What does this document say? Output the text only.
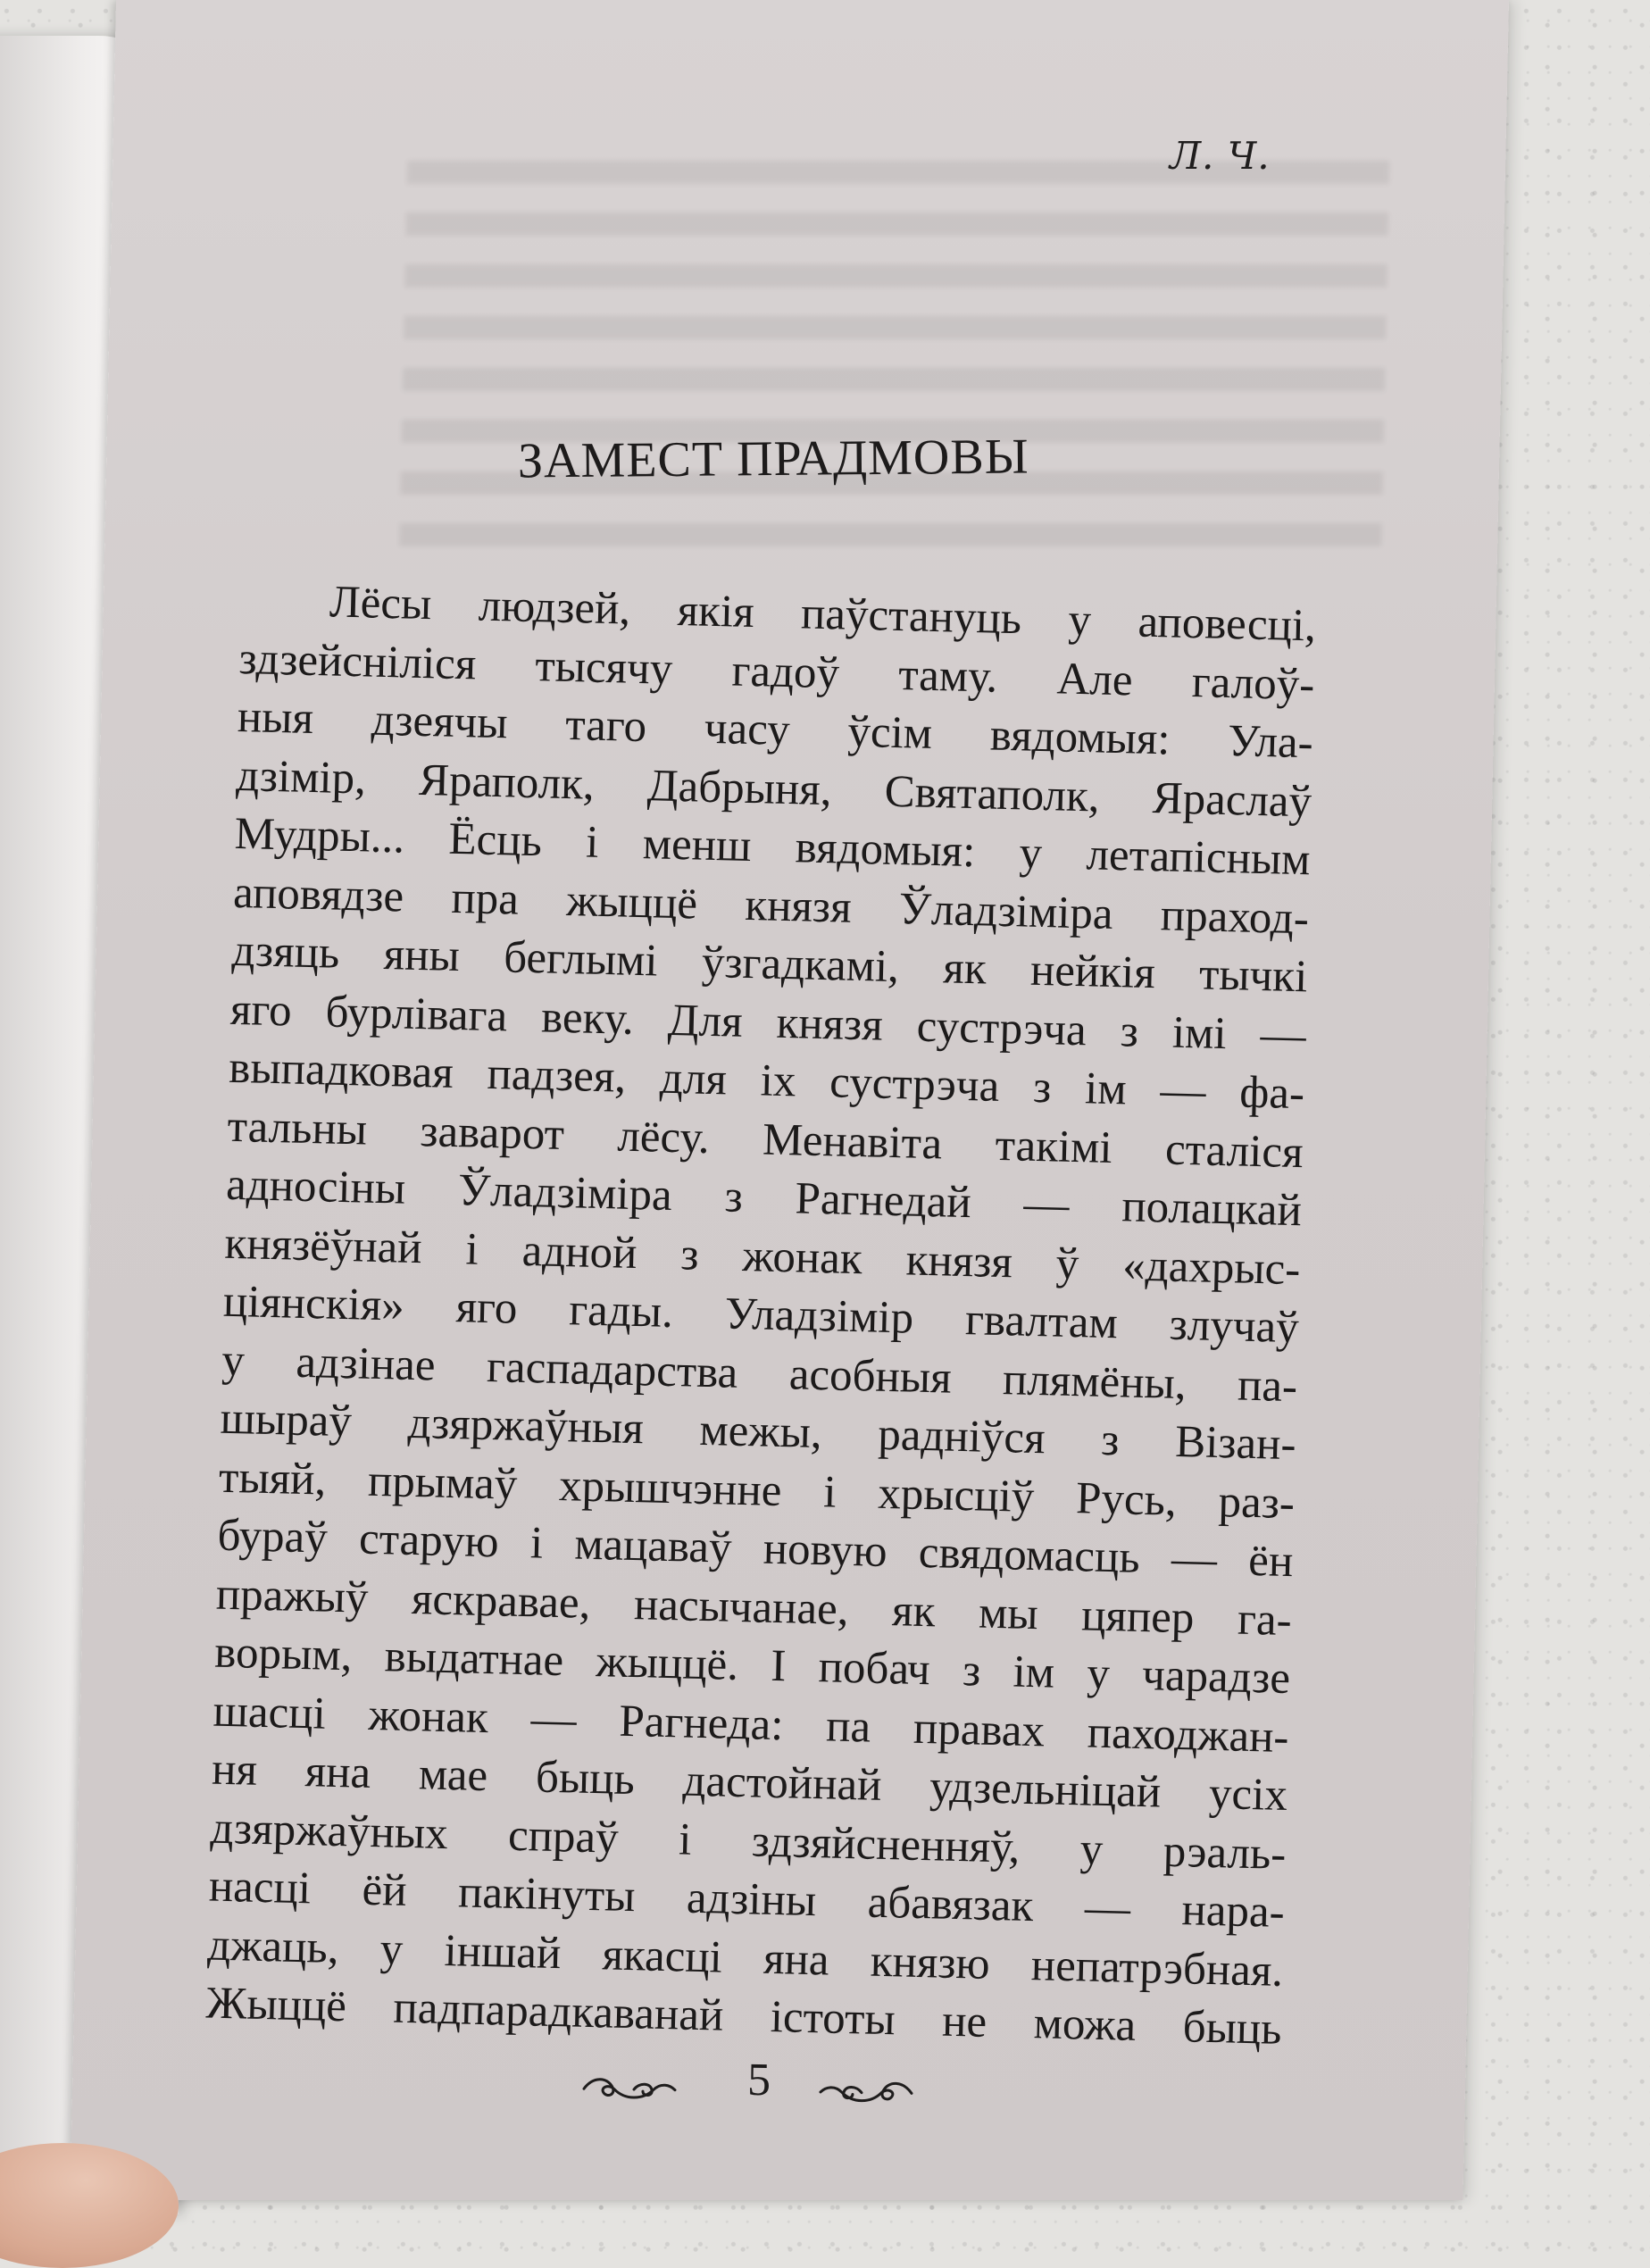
Л. Ч.
ЗАМЕСТ ПРАДМОВЫ
Лёсы людзей, якія паўстануць у аповесці,
здзейсніліся тысячу гадоў таму. Але галоў-
ныя дзеячы таго часу ўсім вядомыя: Ула-
дзімір, Яраполк, Дабрыня, Святаполк, Яраслаў
Мудры... Ёсць і менш вядомыя: у летапісным
аповядзе пра жыццё князя Ўладзіміра праход-
дзяць яны беглымі ўзгадкамі, як нейкія тычкі
яго бурлівага веку. Для князя сустрэча з імі —
выпадковая падзея, для іх сустрэча з ім — фа-
тальны заварот лёсу. Менавіта такімі сталіся
адносіны Ўладзіміра з Рагнедай — полацкай
князёўнай і адной з жонак князя ў «дахрыс-
ціянскія» яго гады. Уладзімір гвалтам злучаў
у адзінае гаспадарства асобныя плямёны, па-
шыраў дзяржаўныя межы, радніўся з Візан-
тыяй, прымаў хрышчэнне і хрысціў Русь, раз-
бураў старую і мацаваў новую свядомасць — ён
пражыў яскравае, насычанае, як мы цяпер га-
ворым, выдатнае жыццё. І побач з ім у чарадзе
шасці жонак — Рагнеда: па правах паходжан-
ня яна мае быць дастойнай удзельніцай усіх
дзяржаўных спраў і здзяйсненняў, у рэаль-
насці ёй пакінуты адзіны абавязак — нара-
джаць, у іншай якасці яна князю непатрэбная.
Жыццё падпарадкаванай істоты не можа быць
5
